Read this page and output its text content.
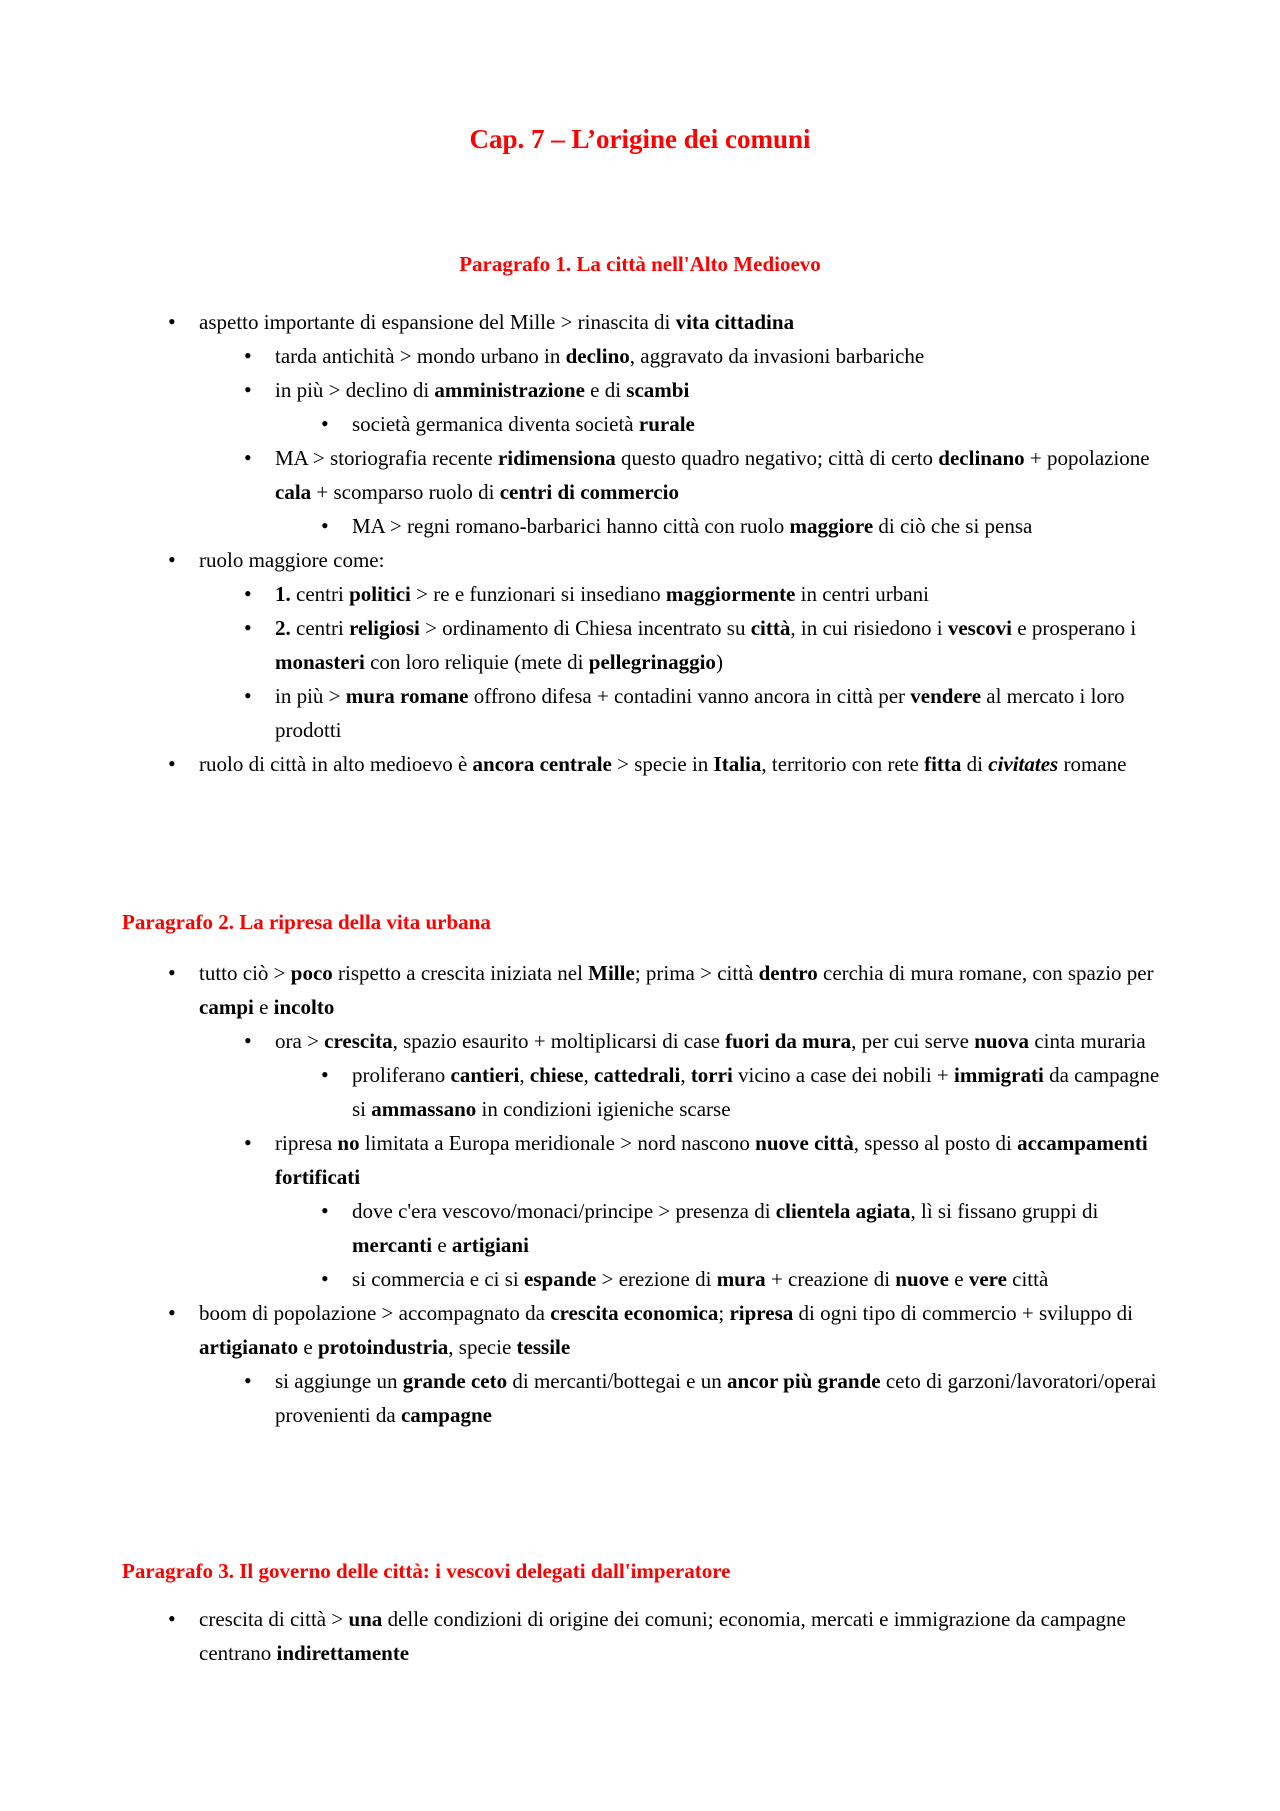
Cap. 7 – L’origine dei comuni
Paragrafo 1. La città nell'Alto Medioevo
•	aspetto importante di espansione del Mille > rinascita di vita cittadina
•	tarda antichità > mondo urbano in declino, aggravato da invasioni barbariche
•	in più > declino di amministrazione e di scambi
•	società germanica diventa società rurale
•	MA > storiografia recente ridimensiona questo quadro negativo; città di certo declinano + popolazione cala + scomparso ruolo di centri di commercio
•	MA > regni romano-barbarici hanno città con ruolo maggiore di ciò che si pensa
•	ruolo maggiore come:
•	1. centri politici > re e funzionari si insediano maggiormente in centri urbani
•	2. centri religiosi > ordinamento di Chiesa incentrato su città, in cui risiedono i vescovi e prosperano i monasteri con loro reliquie (mete di pellegrinaggio)
•	in più > mura romane offrono difesa + contadini vanno ancora in città per vendere al mercato i loro prodotti
•	ruolo di città in alto medioevo è ancora centrale > specie in Italia, territorio con rete fitta di civitates romane
Paragrafo 2. La ripresa della vita urbana
•	tutto ciò > poco rispetto a crescita iniziata nel Mille; prima > città dentro cerchia di mura romane, con spazio per campi e incolto
•	ora > crescita, spazio esaurito + moltiplicarsi di case fuori da mura, per cui serve nuova cinta muraria
•	proliferano cantieri, chiese, cattedrali, torri vicino a case dei nobili + immigrati da campagne si ammassano in condizioni igieniche scarse
•	ripresa no limitata a Europa meridionale > nord nascono nuove città, spesso al posto di accampamenti fortificati
•	dove c'era vescovo/monaci/principe > presenza di clientela agiata, lì si fissano gruppi di mercanti e artigiani
•	si commercia e ci si espande > erezione di mura + creazione di nuove e vere città
•	boom di popolazione > accompagnato da crescita economica; ripresa di ogni tipo di commercio + sviluppo di artigianato e protoindustria, specie tessile
•	si aggiunge un grande ceto di mercanti/bottegai e un ancor più grande ceto di garzoni/lavoratori/operai provenienti da campagne
Paragrafo 3. Il governo delle città: i vescovi delegati dall'imperatore
•	crescita di città > una delle condizioni di origine dei comuni; economia, mercati e immigrazione da campagne centrano indirettamente
